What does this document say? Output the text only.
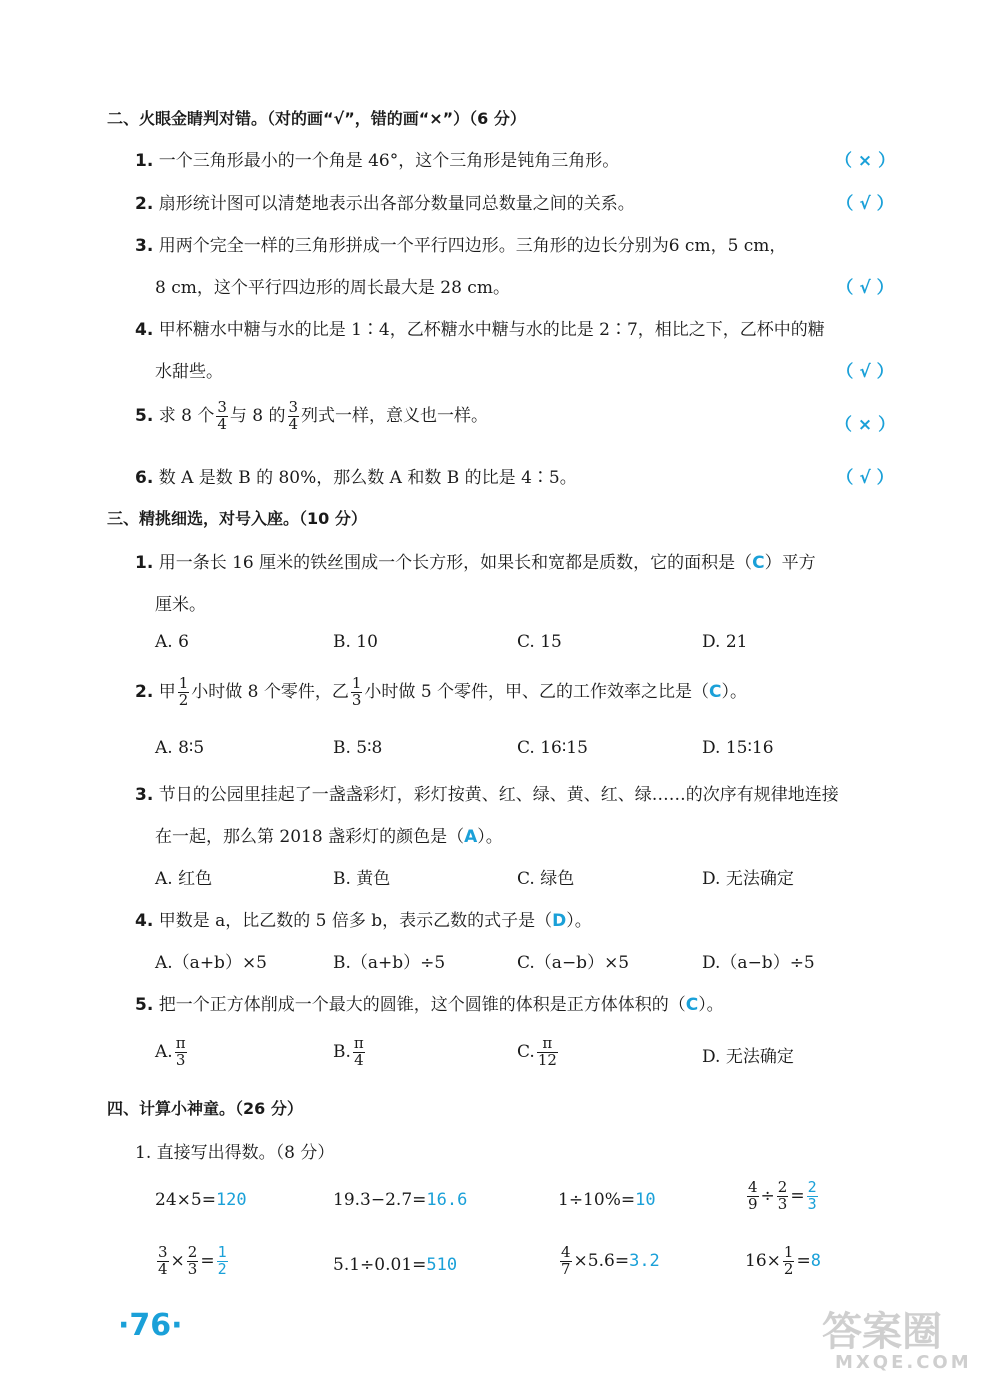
二、火眼金睛判对错。（对的画“√”，错的画“×”）（6 分）
1. 一个三角形最小的一个角是 46°，这个三角形是钝角三角形。	（ × ）
2. 扇形统计图可以清楚地表示出各部分数量同总数量之间的关系。	（ √ ）
3. 用两个完全一样的三角形拼成一个平行四边形。三角形的边长分别为6 cm，5 cm，
8 cm，这个平行四边形的周长最大是 28 cm。	（ √ ）
4. 甲杯糖水中糖与水的比是 1∶4，乙杯糖水中糖与水的比是 2∶7，相比之下，乙杯中的糖
水甜些。	（ √ ）
5. 求 8 个 $\frac{3}{4}$ 与 8 的 $\frac{3}{4}$ 列式一样，意义也一样。	（ × ）
6. 数 A 是数 B 的 80%，那么数 A 和数 B 的比是 4∶5。	（ √ ）
三、精挑细选，对号入座。（10 分）
1. 用一条长 16 厘米的铁丝围成一个长方形，如果长和宽都是质数，它的面积是（C）平方
厘米。
A. 6	B. 10	C. 15	D. 21
2. 甲 $\frac{1}{2}$ 小时做 8 个零件，乙 $\frac{1}{3}$ 小时做 5 个零件，甲、乙的工作效率之比是（C）。
A. 8∶5	B. 5∶8	C. 16∶15	D. 15∶16
3. 节日的公园里挂起了一盏盏彩灯，彩灯按黄、红、绿、黄、红、绿……的次序有规律地连接
在一起，那么第 2018 盏彩灯的颜色是（A）。
A. 红色	B. 黄色	C. 绿色	D. 无法确定
4. 甲数是 a，比乙数的 5 倍多 b，表示乙数的式子是（D）。
A.（a+b）×5	B.（a+b）÷5	C.（a−b）×5	D.（a−b）÷5
5. 把一个正方体削成一个最大的圆锥，这个圆锥的体积是正方体体积的（C）。
A. $\frac{\pi}{3}$	B. $\frac{\pi}{4}$	C. $\frac{\pi}{12}$	D. 无法确定
四、计算小神童。（26 分）
1. 直接写出得数。（8 分）
24×5=120	19.3−2.7=16.6	1÷10%=10	$\frac{4}{9} \div \frac{2}{3} = \frac{2}{3}$
$\frac{3}{4} \times \frac{2}{3} = \frac{1}{2}$	5.1÷0.01=510	$\frac{4}{7} \times 5.6=3.2$	$16\times \frac{1}{2} =8$
·76·	答案圈
MXQE.COM
